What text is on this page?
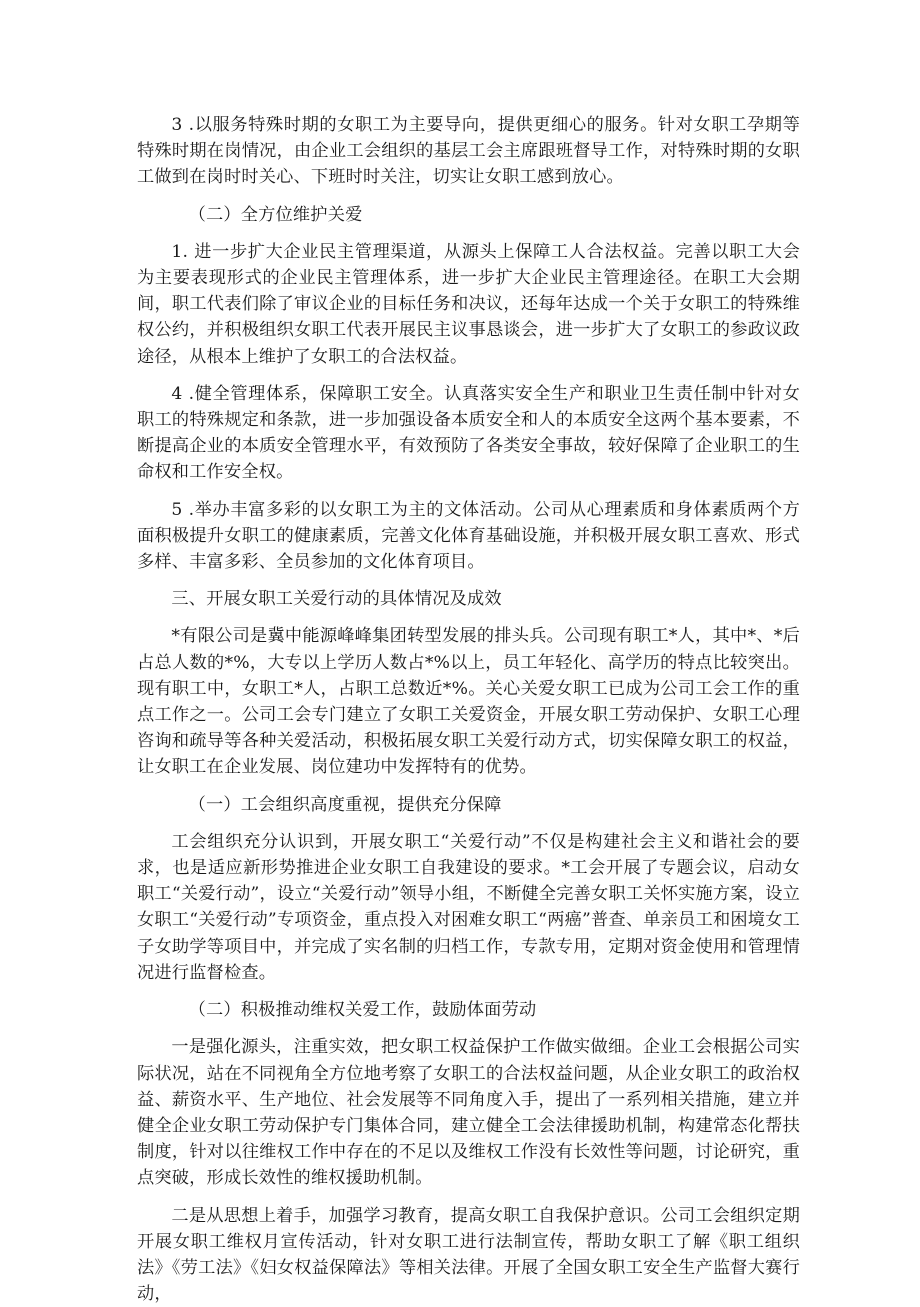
3 .以服务特殊时期的女职工为主要导向，提供更细心的服务。针对女职工孕期等特殊时期在岗情况，由企业工会组织的基层工会主席跟班督导工作，对特殊时期的女职工做到在岗时时关心、下班时时关注，切实让女职工感到放心。

（二）全方位维护关爱

1. 进一步扩大企业民主管理渠道，从源头上保障工人合法权益。完善以职工大会为主要表现形式的企业民主管理体系，进一步扩大企业民主管理途径。在职工大会期间，职工代表们除了审议企业的目标任务和决议，还每年达成一个关于女职工的特殊维权公约，并积极组织女职工代表开展民主议事恳谈会，进一步扩大了女职工的参政议政途径，从根本上维护了女职工的合法权益。

4 .健全管理体系，保障职工安全。认真落实安全生产和职业卫生责任制中针对女职工的特殊规定和条款，进一步加强设备本质安全和人的本质安全这两个基本要素，不断提高企业的本质安全管理水平，有效预防了各类安全事故，较好保障了企业职工的生命权和工作安全权。

5 .举办丰富多彩的以女职工为主的文体活动。公司从心理素质和身体素质两个方面积极提升女职工的健康素质，完善文化体育基础设施，并积极开展女职工喜欢、形式多样、丰富多彩、全员参加的文化体育项目。

三、开展女职工关爱行动的具体情况及成效

*有限公司是冀中能源峰峰集团转型发展的排头兵。公司现有职工*人，其中*、*后占总人数的*%，大专以上学历人数占*%以上，员工年轻化、高学历的特点比较突出。现有职工中，女职工*人，占职工总数近*%。关心关爱女职工已成为公司工会工作的重点工作之一。公司工会专门建立了女职工关爱资金，开展女职工劳动保护、女职工心理咨询和疏导等各种关爱活动，积极拓展女职工关爱行动方式，切实保障女职工的权益，让女职工在企业发展、岗位建功中发挥特有的优势。

（一）工会组织高度重视，提供充分保障

工会组织充分认识到，开展女职工“关爱行动”不仅是构建社会主义和谐社会的要求，也是适应新形势推进企业女职工自我建设的要求。*工会开展了专题会议，启动女职工“关爱行动”，设立“关爱行动”领导小组，不断健全完善女职工关怀实施方案，设立女职工“关爱行动”专项资金，重点投入对困难女职工“两癌”普查、单亲员工和困境女工子女助学等项目中，并完成了实名制的归档工作，专款专用，定期对资金使用和管理情况进行监督检查。

（二）积极推动维权关爱工作，鼓励体面劳动

一是强化源头，注重实效，把女职工权益保护工作做实做细。企业工会根据公司实际状况，站在不同视角全方位地考察了女职工的合法权益问题，从企业女职工的政治权益、薪资水平、生产地位、社会发展等不同角度入手，提出了一系列相关措施，建立并健全企业女职工劳动保护专门集体合同，建立健全工会法律援助机制，构建常态化帮扶制度，针对以往维权工作中存在的不足以及维权工作没有长效性等问题，讨论研究，重点突破，形成长效性的维权援助机制。

二是从思想上着手，加强学习教育，提高女职工自我保护意识。公司工会组织定期开展女职工维权月宣传活动，针对女职工进行法制宣传，帮助女职工了解《职工组织法》《劳工法》《妇女权益保障法》等相关法律。开展了全国女职工安全生产监督大赛行动，
